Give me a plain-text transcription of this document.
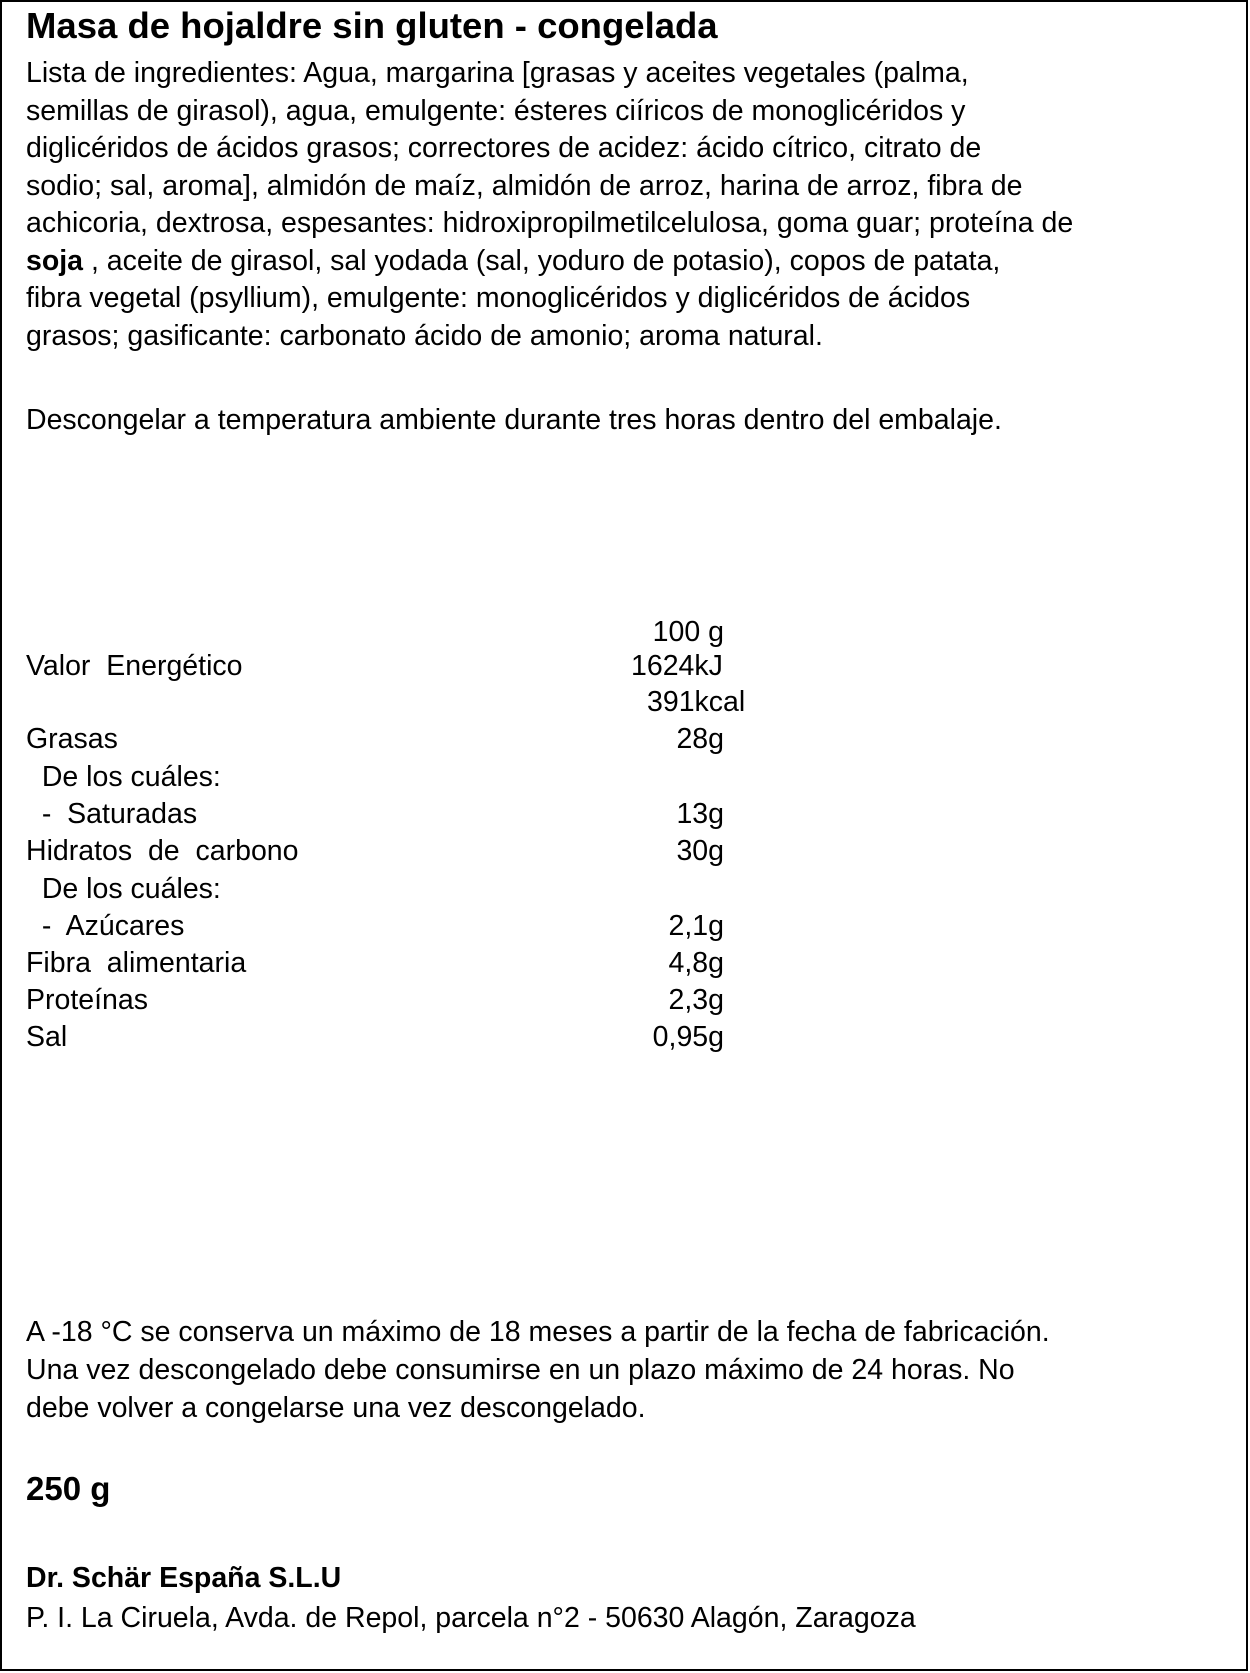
Masa de hojaldre sin gluten - congelada
Lista de ingredientes: Agua, margarina [grasas y aceites vegetales (palma,
semillas de girasol), agua, emulgente: ésteres ciíricos de monoglicéridos y
diglicéridos de ácidos grasos; correctores de acidez: ácido cítrico, citrato de
sodio; sal, aroma], almidón de maíz, almidón de arroz, harina de arroz, fibra de
achicoria, dextrosa, espesantes: hidroxipropilmetilcelulosa, goma guar; proteína de
soja , aceite de girasol, sal yodada (sal, yoduro de potasio), copos de patata,
fibra vegetal (psyllium), emulgente: monoglicéridos y diglicéridos de ácidos
grasos; gasificante: carbonato ácido de amonio; aroma natural.
Descongelar a temperatura ambiente durante tres horas dentro del embalaje.
100 g
Valor  Energético	1624kJ
391kcal
Grasas	28g
De los cuáles:
-  Saturadas	13g
Hidratos  de  carbono	30g
De los cuáles:
-  Azúcares	2,1g
Fibra  alimentaria	4,8g
Proteínas	2,3g
Sal	0,95g
A -18 °C se conserva un máximo de 18 meses a partir de la fecha de fabricación.
Una vez descongelado debe consumirse en un plazo máximo de 24 horas. No
debe volver a congelarse una vez descongelado.
250 g
Dr. Schär España S.L.U
P. I. La Ciruela, Avda. de Repol, parcela n°2 - 50630 Alagón, Zaragoza
